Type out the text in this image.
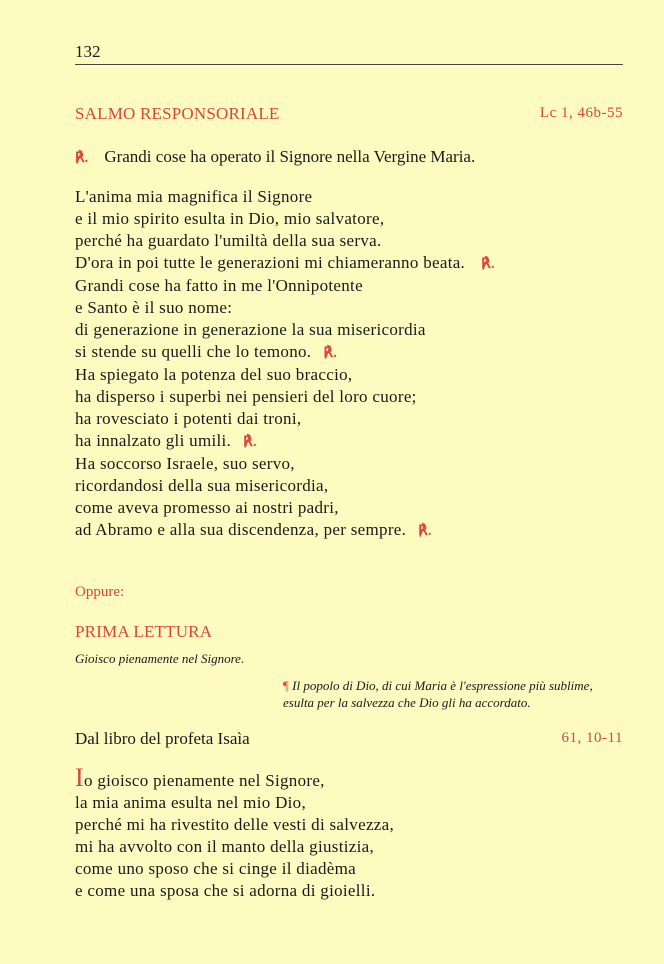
132
SALMO RESPONSORIALE	Lc 1, 46b-55
℟. Grandi cose ha operato il Signore nella Vergine Maria.
L'anima mia magnifica il Signore
e il mio spirito esulta in Dio, mio salvatore,
perché ha guardato l'umiltà della sua serva.
D'ora in poi tutte le generazioni mi chiameranno beata. ℟.
Grandi cose ha fatto in me l'Onnipotente
e Santo è il suo nome:
di generazione in generazione la sua misericordia
si stende su quelli che lo temono. ℟.
Ha spiegato la potenza del suo braccio,
ha disperso i superbi nei pensieri del loro cuore;
ha rovesciato i potenti dai troni,
ha innalzato gli umili. ℟.
Ha soccorso Israele, suo servo,
ricordandosi della sua misericordia,
come aveva promesso ai nostri padri,
ad Abramo e alla sua discendenza, per sempre. ℟.
Oppure:
PRIMA LETTURA
Gioisco pienamente nel Signore.
¶ Il popolo di Dio, di cui Maria è l'espressione più sublime,
esulta per la salvezza che Dio gli ha accordato.
Dal libro del profeta Isaìa	61, 10-11
Io gioisco pienamente nel Signore,
la mia anima esulta nel mio Dio,
perché mi ha rivestito delle vesti di salvezza,
mi ha avvolto con il manto della giustizia,
come uno sposo che si cinge il diadèma
e come una sposa che si adorna di gioielli.
